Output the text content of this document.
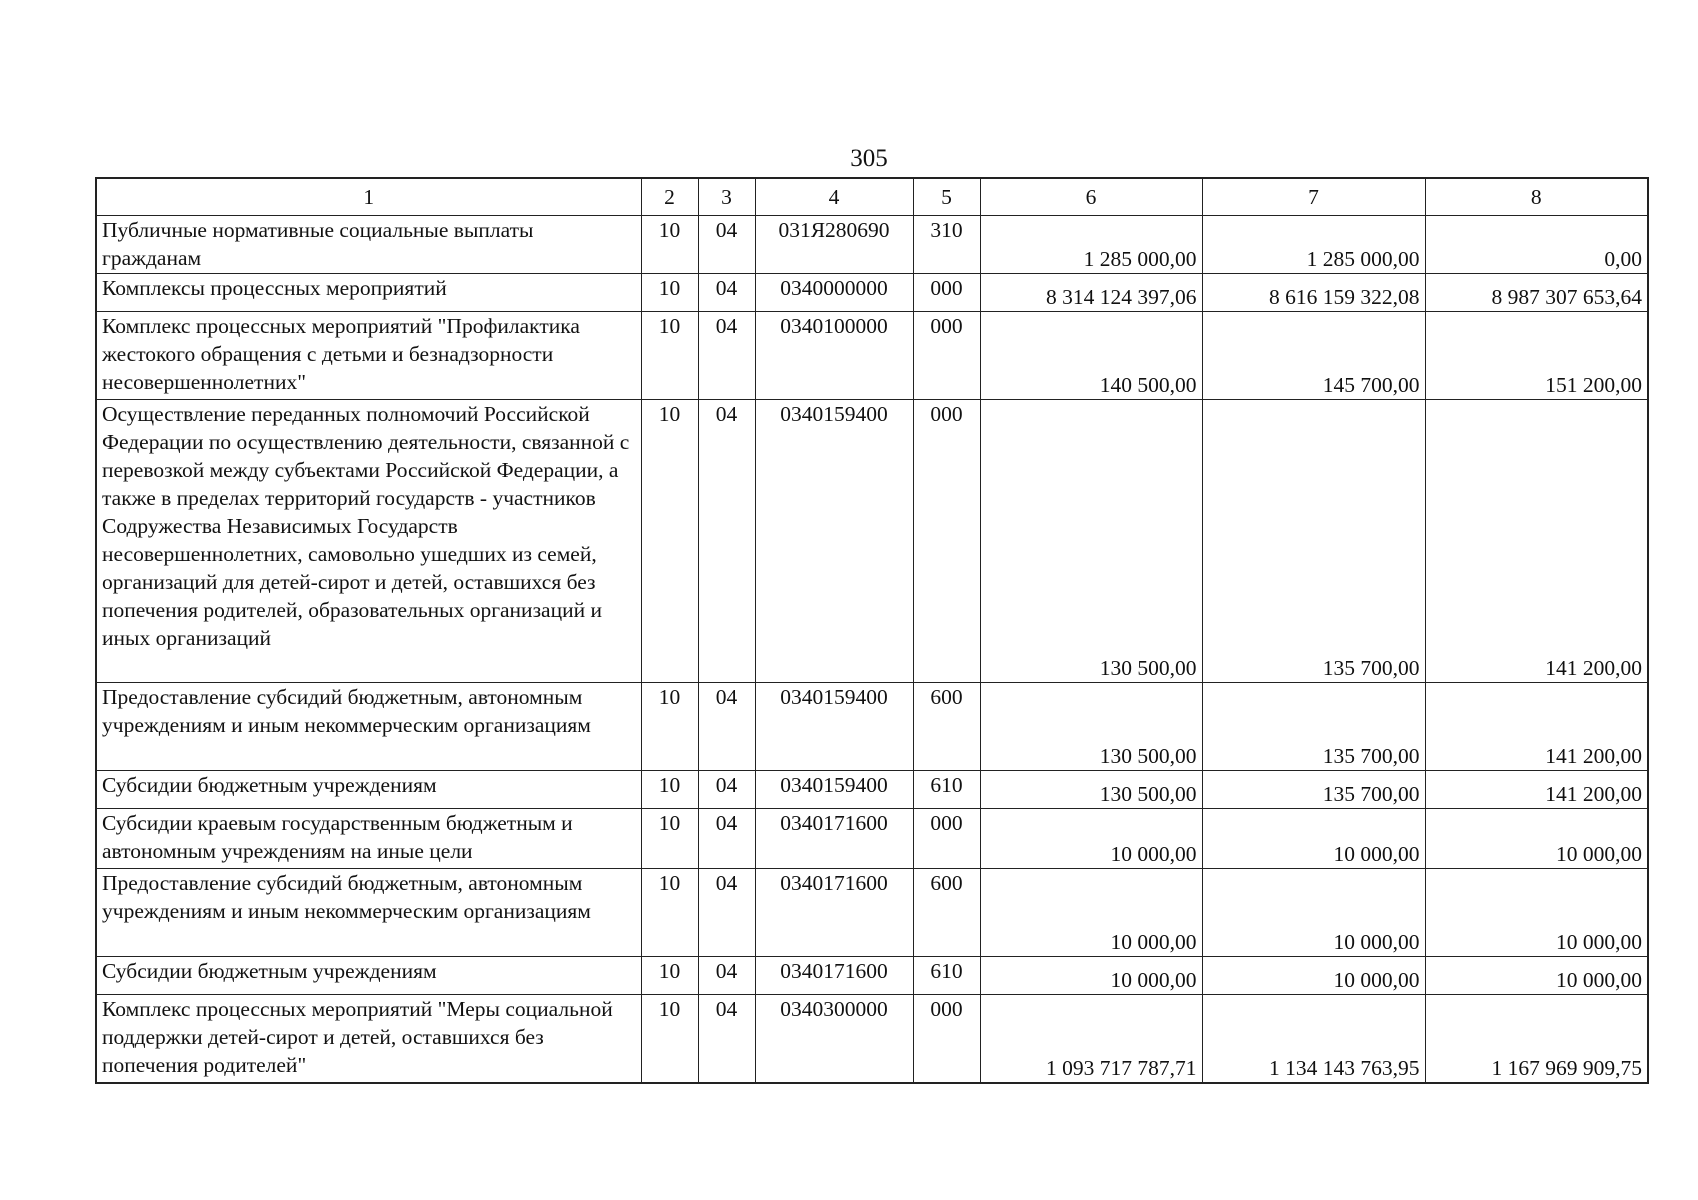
305
1	2	3	4	5	6	7	8
Публичные нормативные социальные выплаты гражданам	10	04	031Я280690	310	1 285 000,00	1 285 000,00	0,00
Комплексы процессных мероприятий	10	04	0340000000	000	8 314 124 397,06	8 616 159 322,08	8 987 307 653,64
Комплекс процессных мероприятий "Профилактика жестокого обращения с детьми и безнадзорности несовершеннолетних"	10	04	0340100000	000	140 500,00	145 700,00	151 200,00
Осуществление переданных полномочий Российской Федерации по осуществлению деятельности, связанной с перевозкой между субъектами Российской Федерации, а также в пределах территорий государств - участников Содружества Независимых Государств несовершеннолетних, самовольно ушедших из семей, организаций для детей-сирот и детей, оставшихся без попечения родителей, образовательных организаций и иных организаций	10	04	0340159400	000	130 500,00	135 700,00	141 200,00
Предоставление субсидий бюджетным, автономным учреждениям и иным некоммерческим организациям	10	04	0340159400	600	130 500,00	135 700,00	141 200,00
Субсидии бюджетным учреждениям	10	04	0340159400	610	130 500,00	135 700,00	141 200,00
Субсидии краевым государственным бюджетным и автономным учреждениям на иные цели	10	04	0340171600	000	10 000,00	10 000,00	10 000,00
Предоставление субсидий бюджетным, автономным учреждениям и иным некоммерческим организациям	10	04	0340171600	600	10 000,00	10 000,00	10 000,00
Субсидии бюджетным учреждениям	10	04	0340171600	610	10 000,00	10 000,00	10 000,00
Комплекс процессных мероприятий "Меры социальной поддержки детей-сирот и детей, оставшихся без попечения родителей"	10	04	0340300000	000	1 093 717 787,71	1 134 143 763,95	1 167 969 909,75
